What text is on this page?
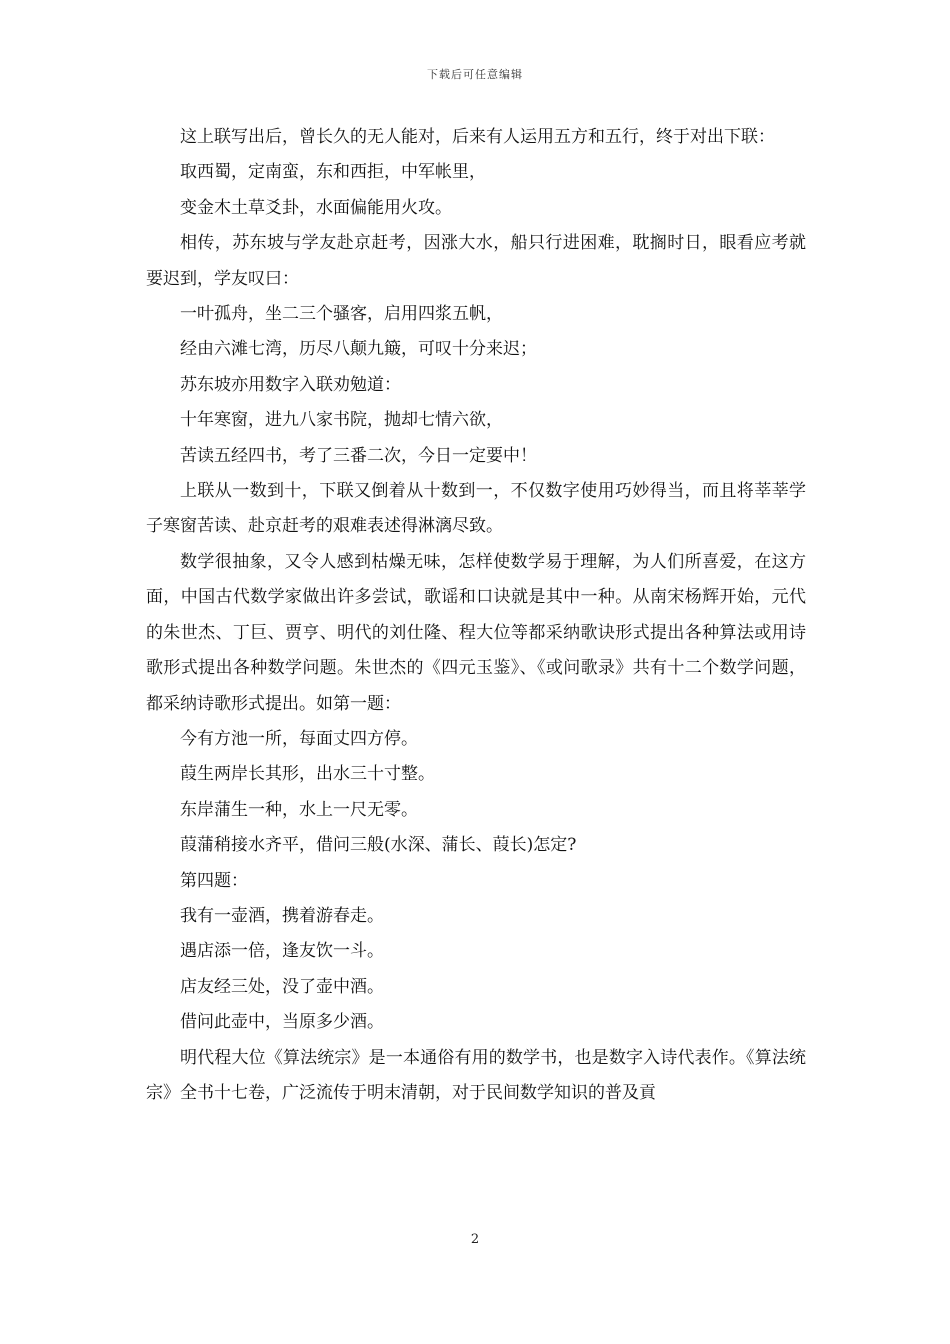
下载后可任意编辑

这上联写出后，曾长久的无人能对，后来有人运用五方和五行，终于对出下联：

取西蜀，定南蛮，东和西拒，中军帐里，

变金木土草爻卦，水面偏能用火攻。

相传，苏东坡与学友赴京赶考，因涨大水，船只行进困难，耽搁时日，眼看应考就要迟到，学友叹曰：

一叶孤舟，坐二三个骚客，启用四浆五帆，

经由六滩七湾，历尽八颠九簸，可叹十分来迟；

苏东坡亦用数字入联劝勉道：

十年寒窗，进九八家书院，抛却七情六欲，

苦读五经四书，考了三番二次，今日一定要中！

上联从一数到十，下联又倒着从十数到一，不仅数字使用巧妙得当，而且将莘莘学子寒窗苦读、赴京赶考的艰难表述得淋漓尽致。

数学很抽象，又令人感到枯燥无味，怎样使数学易于理解，为人们所喜爱，在这方面，中国古代数学家做出许多尝试，歌谣和口诀就是其中一种。从南宋杨辉开始，元代的朱世杰、丁巨、贾亨、明代的刘仕隆、程大位等都采纳歌诀形式提出各种算法或用诗歌形式提出各种数学问题。朱世杰的《四元玉鉴》、《或问歌录》共有十二个数学问题，都采纳诗歌形式提出。如第一题：

今有方池一所，每面丈四方停。

葭生两岸长其形，出水三十寸整。

东岸蒲生一种，水上一尺无零。

葭蒲稍接水齐平，借问三般(水深、蒲长、葭长)怎定?

第四题：

我有一壶酒，携着游春走。

遇店添一倍，逢友饮一斗。

店友经三处，没了壶中酒。

借问此壶中，当原多少酒。

明代程大位《算法统宗》是一本通俗有用的数学书，也是数字入诗代表作。《算法统宗》全书十七卷，广泛流传于明末清朝，对于民间数学知识的普及貢

2
